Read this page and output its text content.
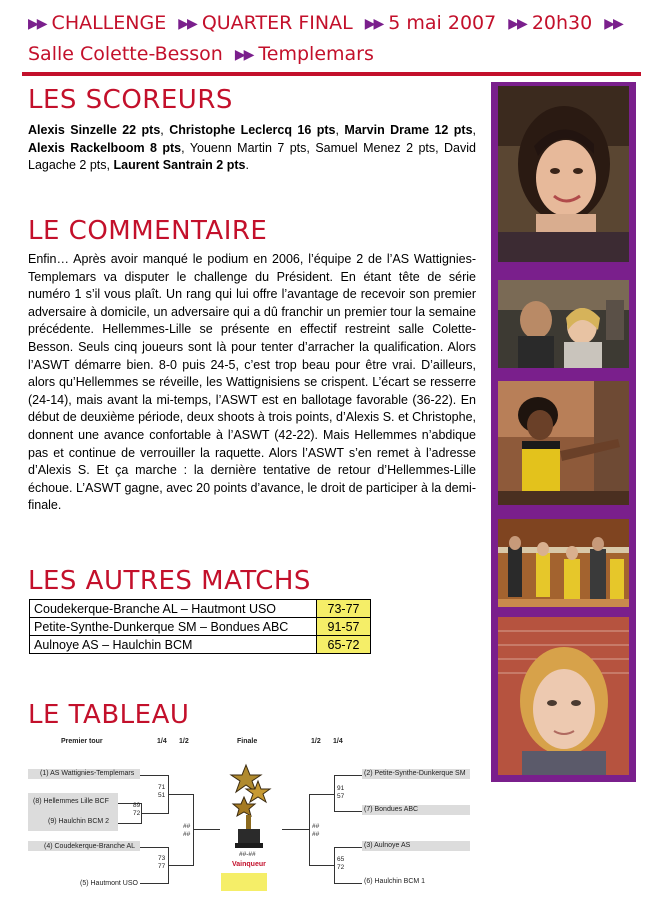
▶▶ CHALLENGE ▶▶ QUARTER FINAL ▶▶ 5 mai 2007 ▶▶ 20h30 ▶▶
Salle Colette-Besson ▶▶ Templemars
LES SCOREURS
Alexis Sinzelle 22 pts, Christophe Leclercq 16 pts, Marvin Drame 12 pts, Alexis Rackelboom 8 pts, Youenn Martin 7 pts, Samuel Menez 2 pts, David Lagache 2 pts, Laurent Santrain 2 pts.
LE COMMENTAIRE
Enfin… Après avoir manqué le podium en 2006, l’équipe 2 de l’AS Wattignies-Templemars va disputer le challenge du Président. En étant tête de série numéro 1 s’il vous plaît. Un rang qui lui offre l’avantage de recevoir son premier adversaire à domicile, un adversaire qui a dû franchir un premier tour la semaine précédente. Hellemmes-Lille se présente en effectif restreint salle Colette-Besson. Seuls cinq joueurs sont là pour tenter d’arracher la qualification. Alors l’ASWT démarre bien. 8-0 puis 24-5, c’est trop beau pour être vrai. D’ailleurs, alors qu’Hellemmes se réveille, les Wattignisiens se crispent. L’écart se resserre (24-14), mais avant la mi-temps, l’ASWT est en ballotage favorable (36-22). En début de deuxième période, deux shoots à trois points, d’Alexis S. et Christophe, donnent une avance confortable à l’ASWT (42-22). Mais Hellemmes n’abdique pas et continue de verrouiller la raquette. Alors l’ASWT s’en remet à l’adresse d’Alexis S. Et ça marche : la dernière tentative de retour d’Hellemmes-Lille échoue. L’ASWT gagne, avec 20 points d’avance, le droit de participer à la demi-finale.
LES AUTRES MATCHS
Coudekerque-Branche AL – Hautmont USO	73-77
Petite-Synthe-Dunkerque SM – Bondues ABC	91-57
Aulnoye AS – Haulchin BCM	65-72
LE TABLEAU
Premier tour	1/4 1/2	Finale	1/2 1/4
(1) AS Wattignies-Templemars
(8) Hellemmes Lille BCF
(9) Haulchin BCM 2
(4) Coudekerque-Branche AL
(5) Hautmont USO
89
72
71
51
73
77
##
##
##-##
Vainqueur
(2) Petite-Synthe-Dunkerque SM
(7) Bondues ABC
(3) Aulnoye AS
(6) Haulchin BCM 1
91
57
65
72
##
##
